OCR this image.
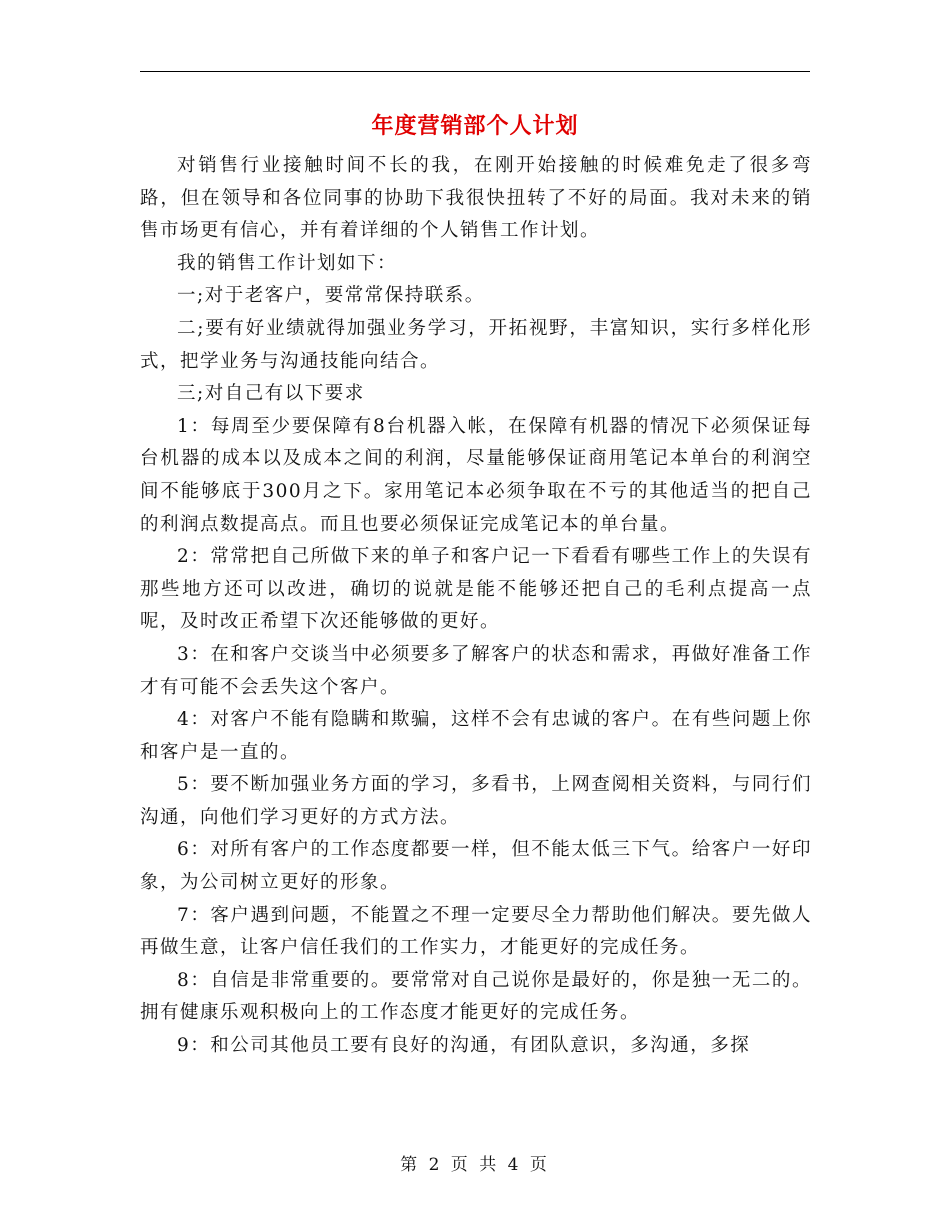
年度营销部个人计划

对销售行业接触时间不长的我，在刚开始接触的时候难免走了很多弯路，但在领导和各位同事的协助下我很快扭转了不好的局面。我对未来的销售市场更有信心，并有着详细的个人销售工作计划。

我的销售工作计划如下：

一;对于老客户，要常常保持联系。

二;要有好业绩就得加强业务学习，开拓视野，丰富知识，实行多样化形式，把学业务与沟通技能向结合。

三;对自己有以下要求

1：每周至少要保障有8台机器入帐，在保障有机器的情况下必须保证每台机器的成本以及成本之间的利润，尽量能够保证商用笔记本单台的利润空间不能够底于300月之下。家用笔记本必须争取在不亏的其他适当的把自己的利润点数提高点。而且也要必须保证完成笔记本的单台量。

2：常常把自己所做下来的单子和客户记一下看看有哪些工作上的失误有那些地方还可以改进，确切的说就是能不能够还把自己的毛利点提高一点呢，及时改正希望下次还能够做的更好。

3：在和客户交谈当中必须要多了解客户的状态和需求，再做好准备工作才有可能不会丢失这个客户。

4：对客户不能有隐瞒和欺骗，这样不会有忠诚的客户。在有些问题上你和客户是一直的。

5：要不断加强业务方面的学习，多看书，上网查阅相关资料，与同行们沟通，向他们学习更好的方式方法。

6：对所有客户的工作态度都要一样，但不能太低三下气。给客户一好印象，为公司树立更好的形象。

7：客户遇到问题，不能置之不理一定要尽全力帮助他们解决。要先做人再做生意，让客户信任我们的工作实力，才能更好的完成任务。

8：自信是非常重要的。要常常对自己说你是最好的，你是独一无二的。拥有健康乐观积极向上的工作态度才能更好的完成任务。

9：和公司其他员工要有良好的沟通，有团队意识，多沟通，多探

第 2 页 共 4 页
